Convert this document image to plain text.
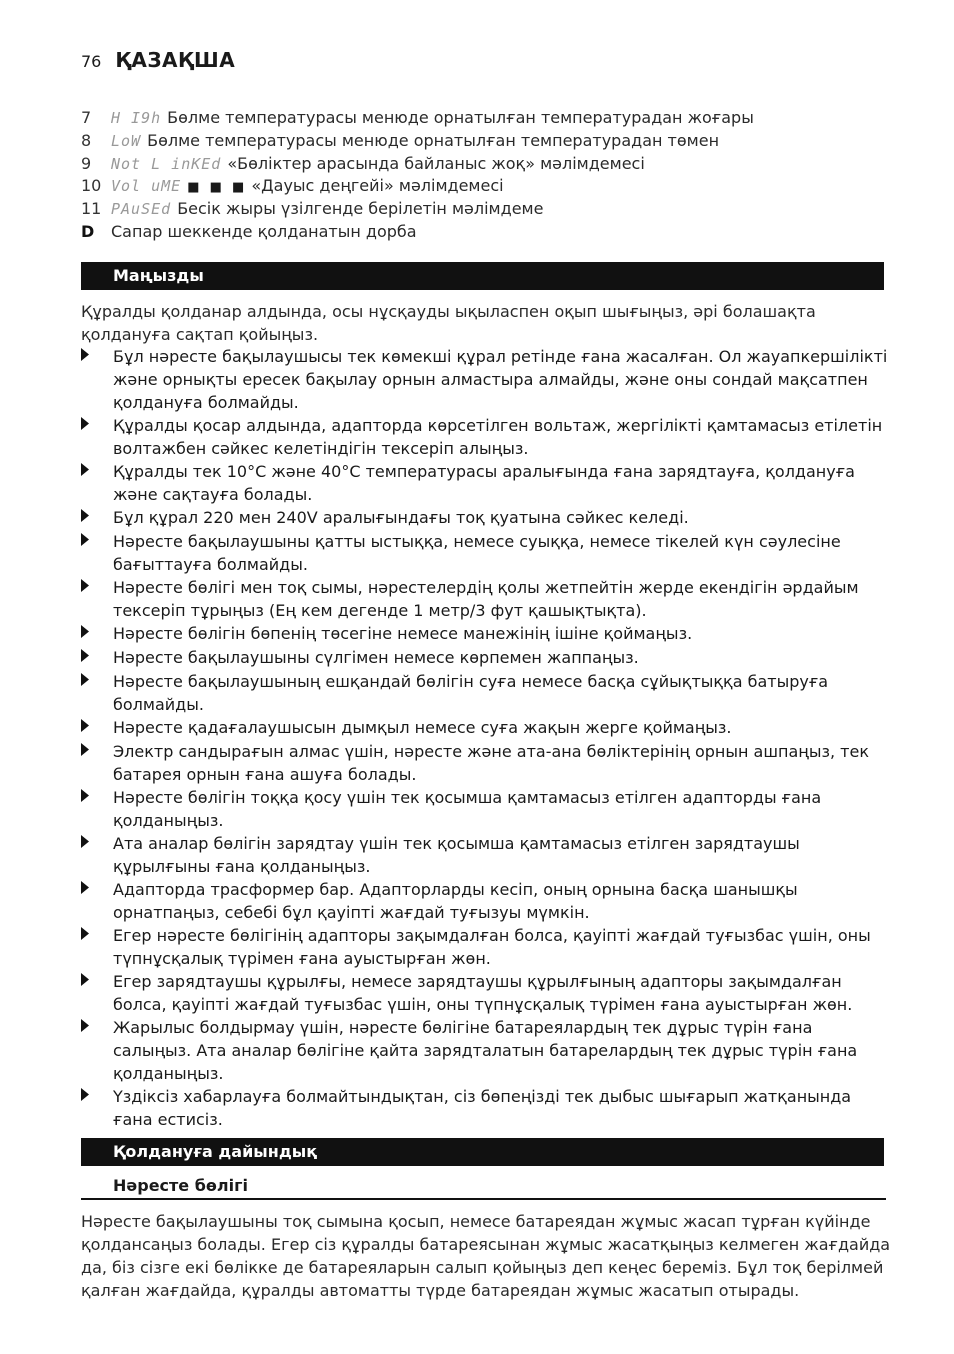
76 ҚАЗАҚША
7	H I9h Бөлме температурасы менюде орнатылған температурадан жоғары
8	LoW Бөлме температурасы менюде орнатылған температурадан төмен
9	Not L inKEd «Бөліктер арасында байланыс жоқ» мәлімдемесі
10 Vol uME ■ ■ ■ «Дауыс деңгейі» мәлімдемесі
11 PAuSEd Бесік жыры үзілгенде берілетін мәлімдеме
D	Сапар шеккенде қолданатын дорба
Маңызды
Құралды қолданар алдында, осы нұсқауды ықыласпен оқып шығыңыз, әрі болашақта қолдануға сақтап қойыңыз.
Бұл нәресте бақылаушысы тек көмекші құрал ретінде ғана жасалған. Ол жауапкершілікті және орнықты ересек бақылау орнын алмастыра алмайды, және оны сондай мақсатпен қолдануға болмайды.
Құралды қосар алдында, адапторда көрсетілген вольтаж, жергілікті қамтамасыз етілетін волтажбен сәйкес келетіндігін тексеріп алыңыз.
Құралды тек 10°C және 40°C температурасы аралығында ғана зарядтауға, қолдануға және сақтауға болады.
Бұл құрал 220 мен 240V аралығындағы тоқ қуатына сәйкес келеді.
Нәресте бақылаушыны қатты ыстыққа, немесе суыққа, немесе тікелей күн сәулесіне бағыттауға болмайды.
Нәресте бөлігі мен тоқ сымы, нәрестелердің қолы жетпейтін жерде екендігін әрдайым тексеріп тұрыңыз (Ең кем дегенде 1 метр/3 фут қашықтықта).
Нәресте бөлігін бөпенің төсегіне немесе манежінің ішіне қоймаңыз.
Нәресте бақылаушыны сүлгімен немесе көрпемен жаппаңыз.
Нәресте бақылаушының ешқандай бөлігін суға немесе басқа сұйықтыққа батыруға болмайды.
Нәресте қадағалаушысын дымқыл немесе суға жақын жерге қоймаңыз.
Электр сандырағын алмас үшін, нәресте және ата-ана бөліктерінің орнын ашпаңыз, тек батарея орнын ғана ашуға болады.
Нәресте бөлігін тоққа қосу үшін тек қосымша қамтамасыз етілген адапторды ғана қолданыңыз.
Ата аналар бөлігін зарядтау үшін тек қосымша қамтамасыз етілген зарядтаушы құрылғыны ғана қолданыңыз.
Адапторда трасформер бар. Адапторларды кесіп, оның орнына басқа шанышқы орнатпаңыз, себебі бұл қауіпті жағдай туғызуы мүмкін.
Егер нәресте бөлігінің адапторы зақымдалған болса, қауіпті жағдай туғызбас үшін, оны түпнұсқалық түрімен ғана ауыстырған жөн.
Егер зарядтаушы құрылғы, немесе зарядтаушы құрылғының адапторы зақымдалған болса, қауіпті жағдай туғызбас үшін, оны түпнұсқалық түрімен ғана ауыстырған жөн.
Жарылыс болдырмау үшін, нәресте бөлігіне батареялардың тек дұрыс түрін ғана салыңыз. Ата аналар бөлігіне қайта зарядталатын батарелардың тек дұрыс түрін ғана қолданыңыз.
Үздіксіз хабарлауға болмайтындықтан, сіз бөпеңізді тек дыбыс шығарып жатқанында ғана естисіз.
Қолдануға дайындық
Нәресте бөлігі
Нәресте бақылаушыны тоқ сымына қосып, немесе батареядан жұмыс жасап тұрған күйінде қолдансаңыз болады. Егер сіз құралды батареясынан жұмыс жасатқыңыз келмеген жағдайда да, біз сізге екі бөлікке де батареяларын салып қойыңыз деп кеңес береміз. Бұл тоқ берілмей қалған жағдайда, құралды автоматты түрде батареядан жұмыс жасатып отырады.
